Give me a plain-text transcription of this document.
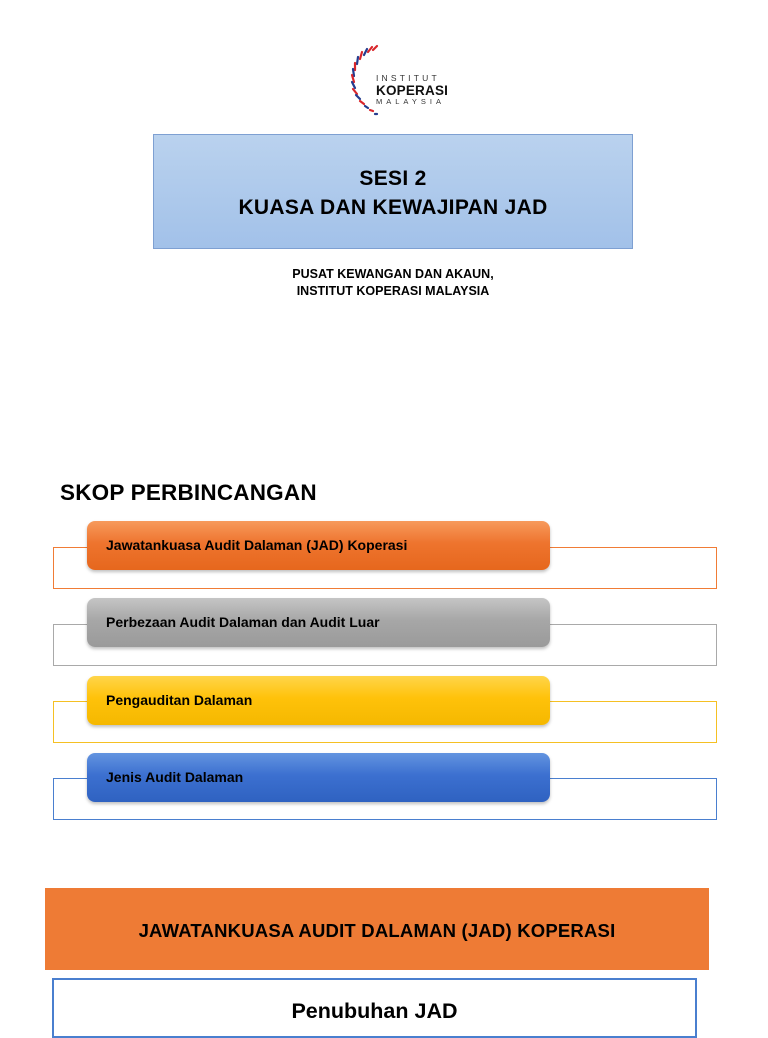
INSTITUT
KOPERASI
MALAYSIA
SESI 2
KUASA DAN KEWAJIPAN JAD
PUSAT KEWANGAN DAN AKAUN,
INSTITUT KOPERASI MALAYSIA
SKOP PERBINCANGAN
Jawatankuasa Audit Dalaman (JAD) Koperasi
Perbezaan Audit Dalaman dan Audit Luar
Pengauditan Dalaman
Jenis Audit Dalaman
JAWATANKUASA AUDIT DALAMAN (JAD) KOPERASI
Penubuhan JAD
